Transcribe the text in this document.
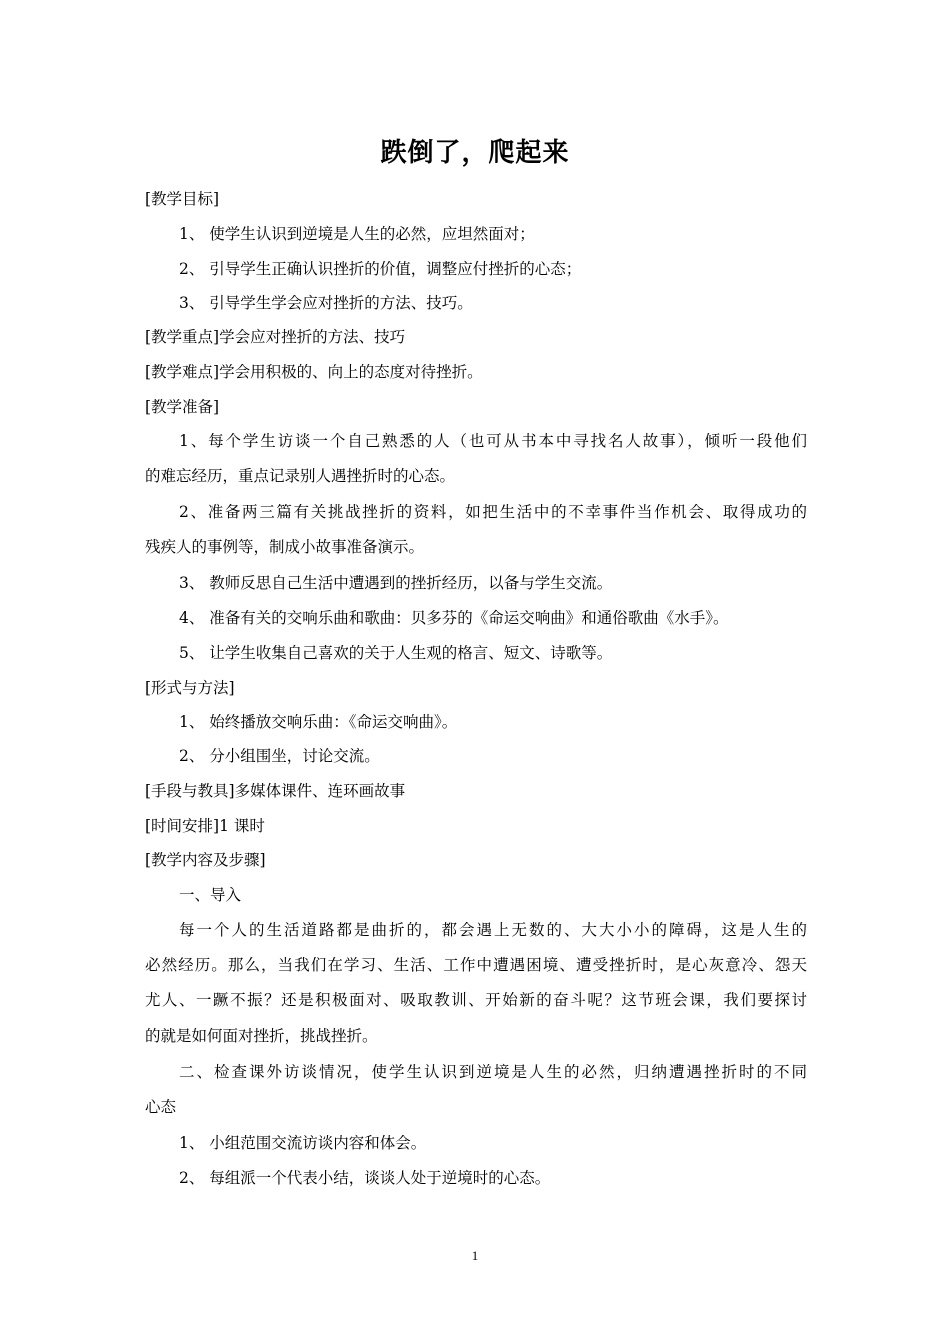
跌倒了，爬起来
[教学目标]
1、 使学生认识到逆境是人生的必然，应坦然面对；
2、 引导学生正确认识挫折的价值，调整应付挫折的心态；
3、 引导学生学会应对挫折的方法、技巧。
[教学重点]学会应对挫折的方法、技巧
[教学难点]学会用积极的、向上的态度对待挫折。
[教学准备]
1、每个学生访谈一个自己熟悉的人（也可从书本中寻找名人故事），倾听一段他们
的难忘经历，重点记录别人遇挫折时的心态。
2、准备两三篇有关挑战挫折的资料，如把生活中的不幸事件当作机会、取得成功的
残疾人的事例等，制成小故事准备演示。
3、 教师反思自己生活中遭遇到的挫折经历，以备与学生交流。
4、 准备有关的交响乐曲和歌曲：贝多芬的《命运交响曲》和通俗歌曲《水手》。
5、 让学生收集自己喜欢的关于人生观的格言、短文、诗歌等。
[形式与方法]
1、 始终播放交响乐曲：《命运交响曲》。
2、 分小组围坐，讨论交流。
[手段与教具]多媒体课件、连环画故事
[时间安排]1 课时
[教学内容及步骤]
一、导入
每一个人的生活道路都是曲折的，都会遇上无数的、大大小小的障碍，这是人生的
必然经历。那么，当我们在学习、生活、工作中遭遇困境、遭受挫折时，是心灰意冷、怨天
尤人、一蹶不振？还是积极面对、吸取教训、开始新的奋斗呢？这节班会课，我们要探讨
的就是如何面对挫折，挑战挫折。
二、检查课外访谈情况，使学生认识到逆境是人生的必然，归纳遭遇挫折时的不同
心态
1、 小组范围交流访谈内容和体会。
2、 每组派一个代表小结，谈谈人处于逆境时的心态。
1
